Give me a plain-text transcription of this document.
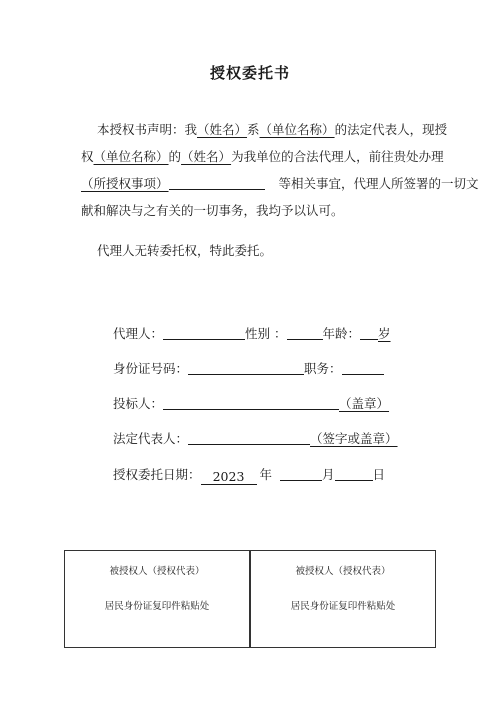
授权委托书
本授权书声明：我（姓名）系（单位名称）的法定代表人，现授
权（单位名称）的（姓名）为我单位的合法代理人，前往贵处办理
（所授权事项）	等相关事宜，代理人所签署的一切文
献和解决与之有关的一切事务，我均予以认可。
代理人无转委托权，特此委托。
代理人：	性别 ：	年龄： 岁
身份证号码：	职务：
投标人：	（盖章）
法定代表人：	（签字或盖章）
授权委托日期： 2023 年	月	日
被授权人（授权代表）
居民身份证复印件粘贴处
被授权人（授权代表）
居民身份证复印件粘贴处
